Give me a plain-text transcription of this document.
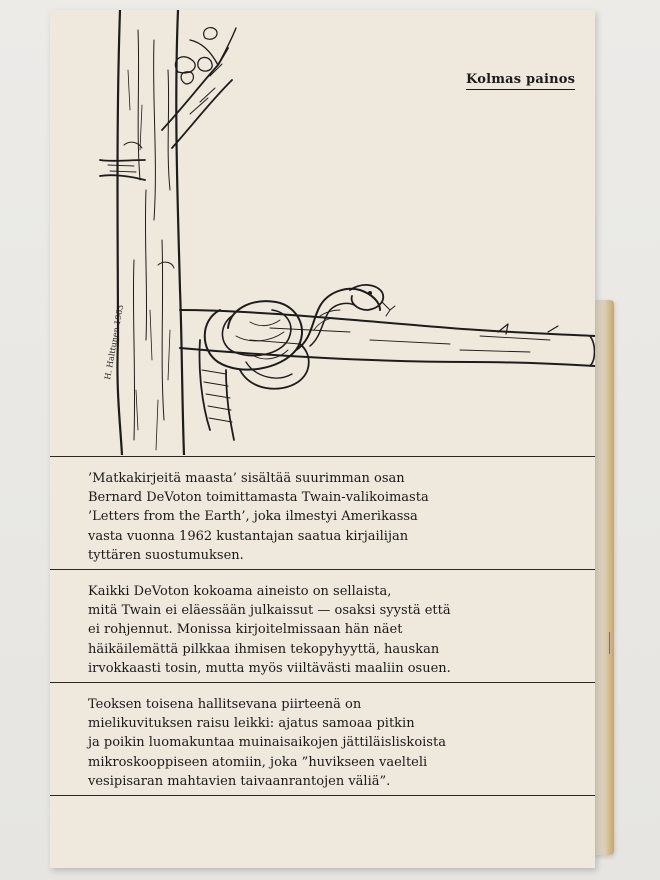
H. Halttunen 1963
Kolmas painos

’Matkakirjeitä maasta’ sisältää suurimman osan
Bernard DeVoton toimittamasta Twain-valikoimasta
’Letters from the Earth’, joka ilmestyi Amerikassa
vasta vuonna 1962 kustantajan saatua kirjailijan
tyttären suostumuksen.

Kaikki DeVoton kokoama aineisto on sellaista,
mitä Twain ei eläessään julkaissut — osaksi syystä että
ei rohjennut. Monissa kirjoitelmissaan hän näet
häikäilemättä pilkkaa ihmisen tekopyhyyttä, hauskan
irvokkaasti tosin, mutta myös viiltävästi maaliin osuen.

Teoksen toisena hallitsevana piirteenä on
mielikuvituksen raisu leikki: ajatus samoaa pitkin
ja poikin luomakuntaa muinaisaikojen jättiläisliskoista
mikroskooppiseen atomiin, joka ”huvikseen vaelteli
vesipisaran mahtavien taivaanrantojen väliä”.
